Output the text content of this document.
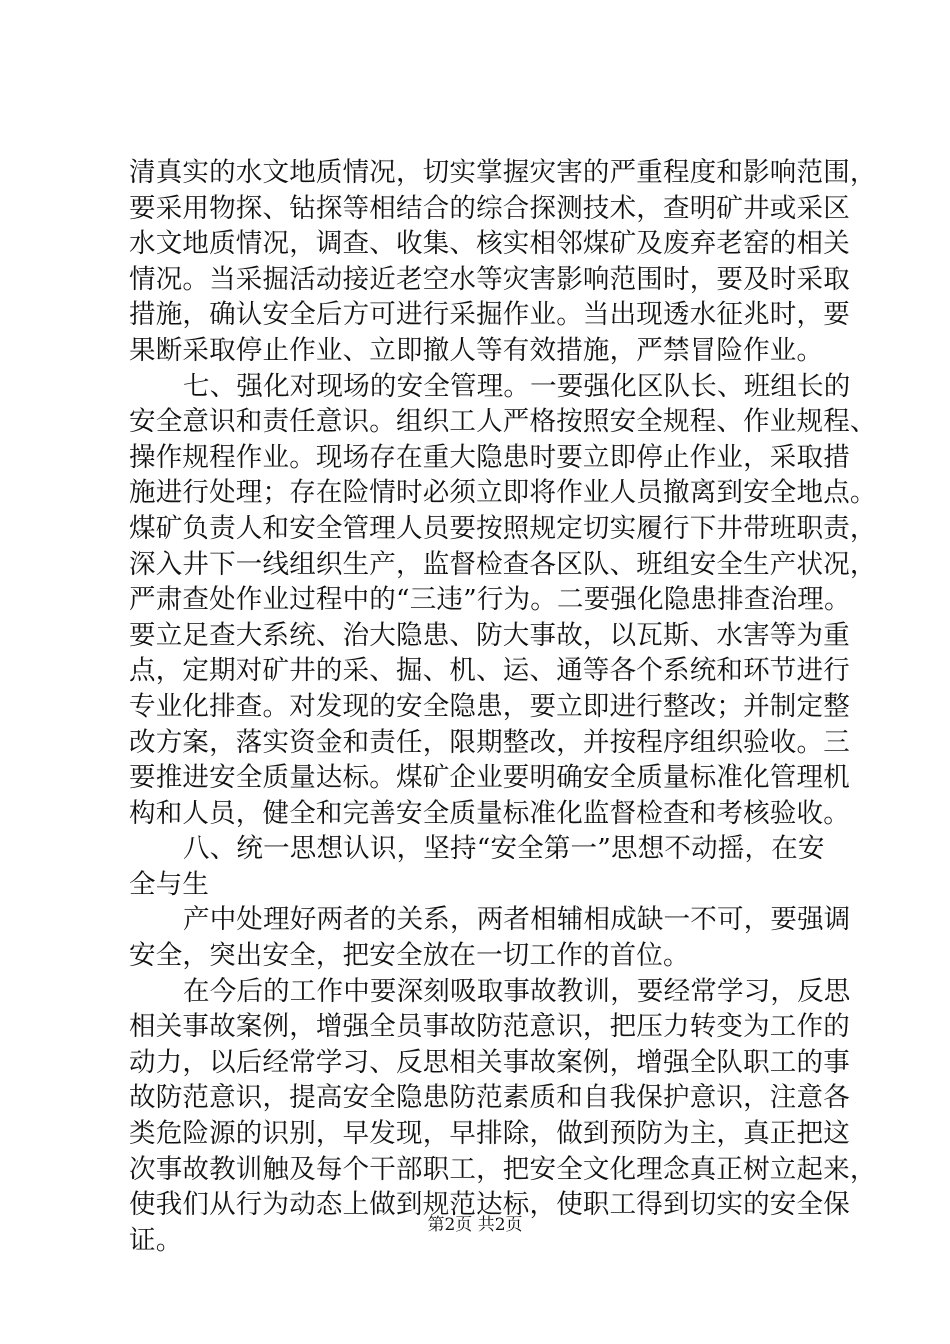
清真实的水文地质情况，切实掌握灾害的严重程度和影响范围，
要采用物探、钻探等相结合的综合探测技术，查明矿井或采区
水文地质情况，调查、收集、核实相邻煤矿及废弃老窑的相关
情况。当采掘活动接近老空水等灾害影响范围时，要及时采取
措施，确认安全后方可进行采掘作业。当出现透水征兆时，要
果断采取停止作业、立即撤人等有效措施，严禁冒险作业。
七、强化对现场的安全管理。一要强化区队长、班组长的
安全意识和责任意识。组织工人严格按照安全规程、作业规程、
操作规程作业。现场存在重大隐患时要立即停止作业，采取措
施进行处理；存在险情时必须立即将作业人员撤离到安全地点。
煤矿负责人和安全管理人员要按照规定切实履行下井带班职责，
深入井下一线组织生产，监督检查各区队、班组安全生产状况，
严肃查处作业过程中的“三违”行为。二要强化隐患排查治理。
要立足查大系统、治大隐患、防大事故，以瓦斯、水害等为重
点，定期对矿井的采、掘、机、运、通等各个系统和环节进行
专业化排查。对发现的安全隐患，要立即进行整改；并制定整
改方案，落实资金和责任，限期整改，并按程序组织验收。三
要推进安全质量达标。煤矿企业要明确安全质量标准化管理机
构和人员，健全和完善安全质量标准化监督检查和考核验收。
八、统一思想认识，坚持“安全第一”思想不动摇，在安
全与生
产中处理好两者的关系，两者相辅相成缺一不可，要强调
安全，突出安全，把安全放在一切工作的首位。
在今后的工作中要深刻吸取事故教训，要经常学习，反思
相关事故案例，增强全员事故防范意识，把压力转变为工作的
动力，以后经常学习、反思相关事故案例，增强全队职工的事
故防范意识，提高安全隐患防范素质和自我保护意识，注意各
类危险源的识别，早发现，早排除，做到预防为主，真正把这
次事故教训触及每个干部职工，把安全文化理念真正树立起来，
使我们从行为动态上做到规范达标，使职工得到切实的安全保
证。	第2页 共2页
